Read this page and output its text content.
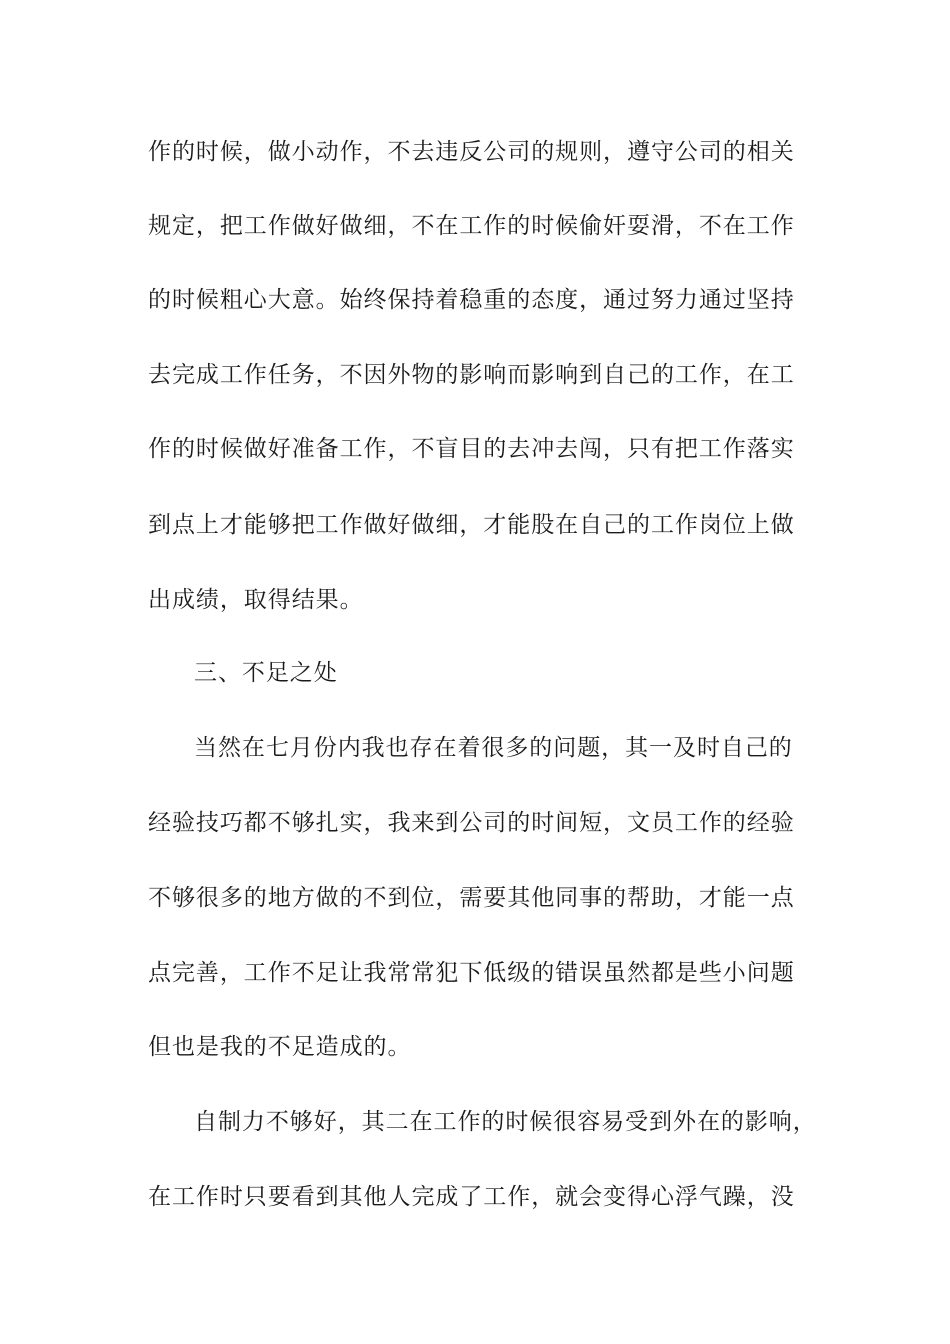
作的时候，做小动作，不去违反公司的规则，遵守公司的相关
规定，把工作做好做细，不在工作的时候偷奸耍滑，不在工作
的时候粗心大意。始终保持着稳重的态度，通过努力通过坚持
去完成工作任务，不因外物的影响而影响到自己的工作，在工
作的时候做好准备工作，不盲目的去冲去闯，只有把工作落实
到点上才能够把工作做好做细，才能股在自己的工作岗位上做
出成绩，取得结果。
三、不足之处
当然在七月份内我也存在着很多的问题，其一及时自己的
经验技巧都不够扎实，我来到公司的时间短，文员工作的经验
不够很多的地方做的不到位，需要其他同事的帮助，才能一点
点完善，工作不足让我常常犯下低级的错误虽然都是些小问题
但也是我的不足造成的。
自制力不够好，其二在工作的时候很容易受到外在的影响，
在工作时只要看到其他人完成了工作，就会变得心浮气躁，没
